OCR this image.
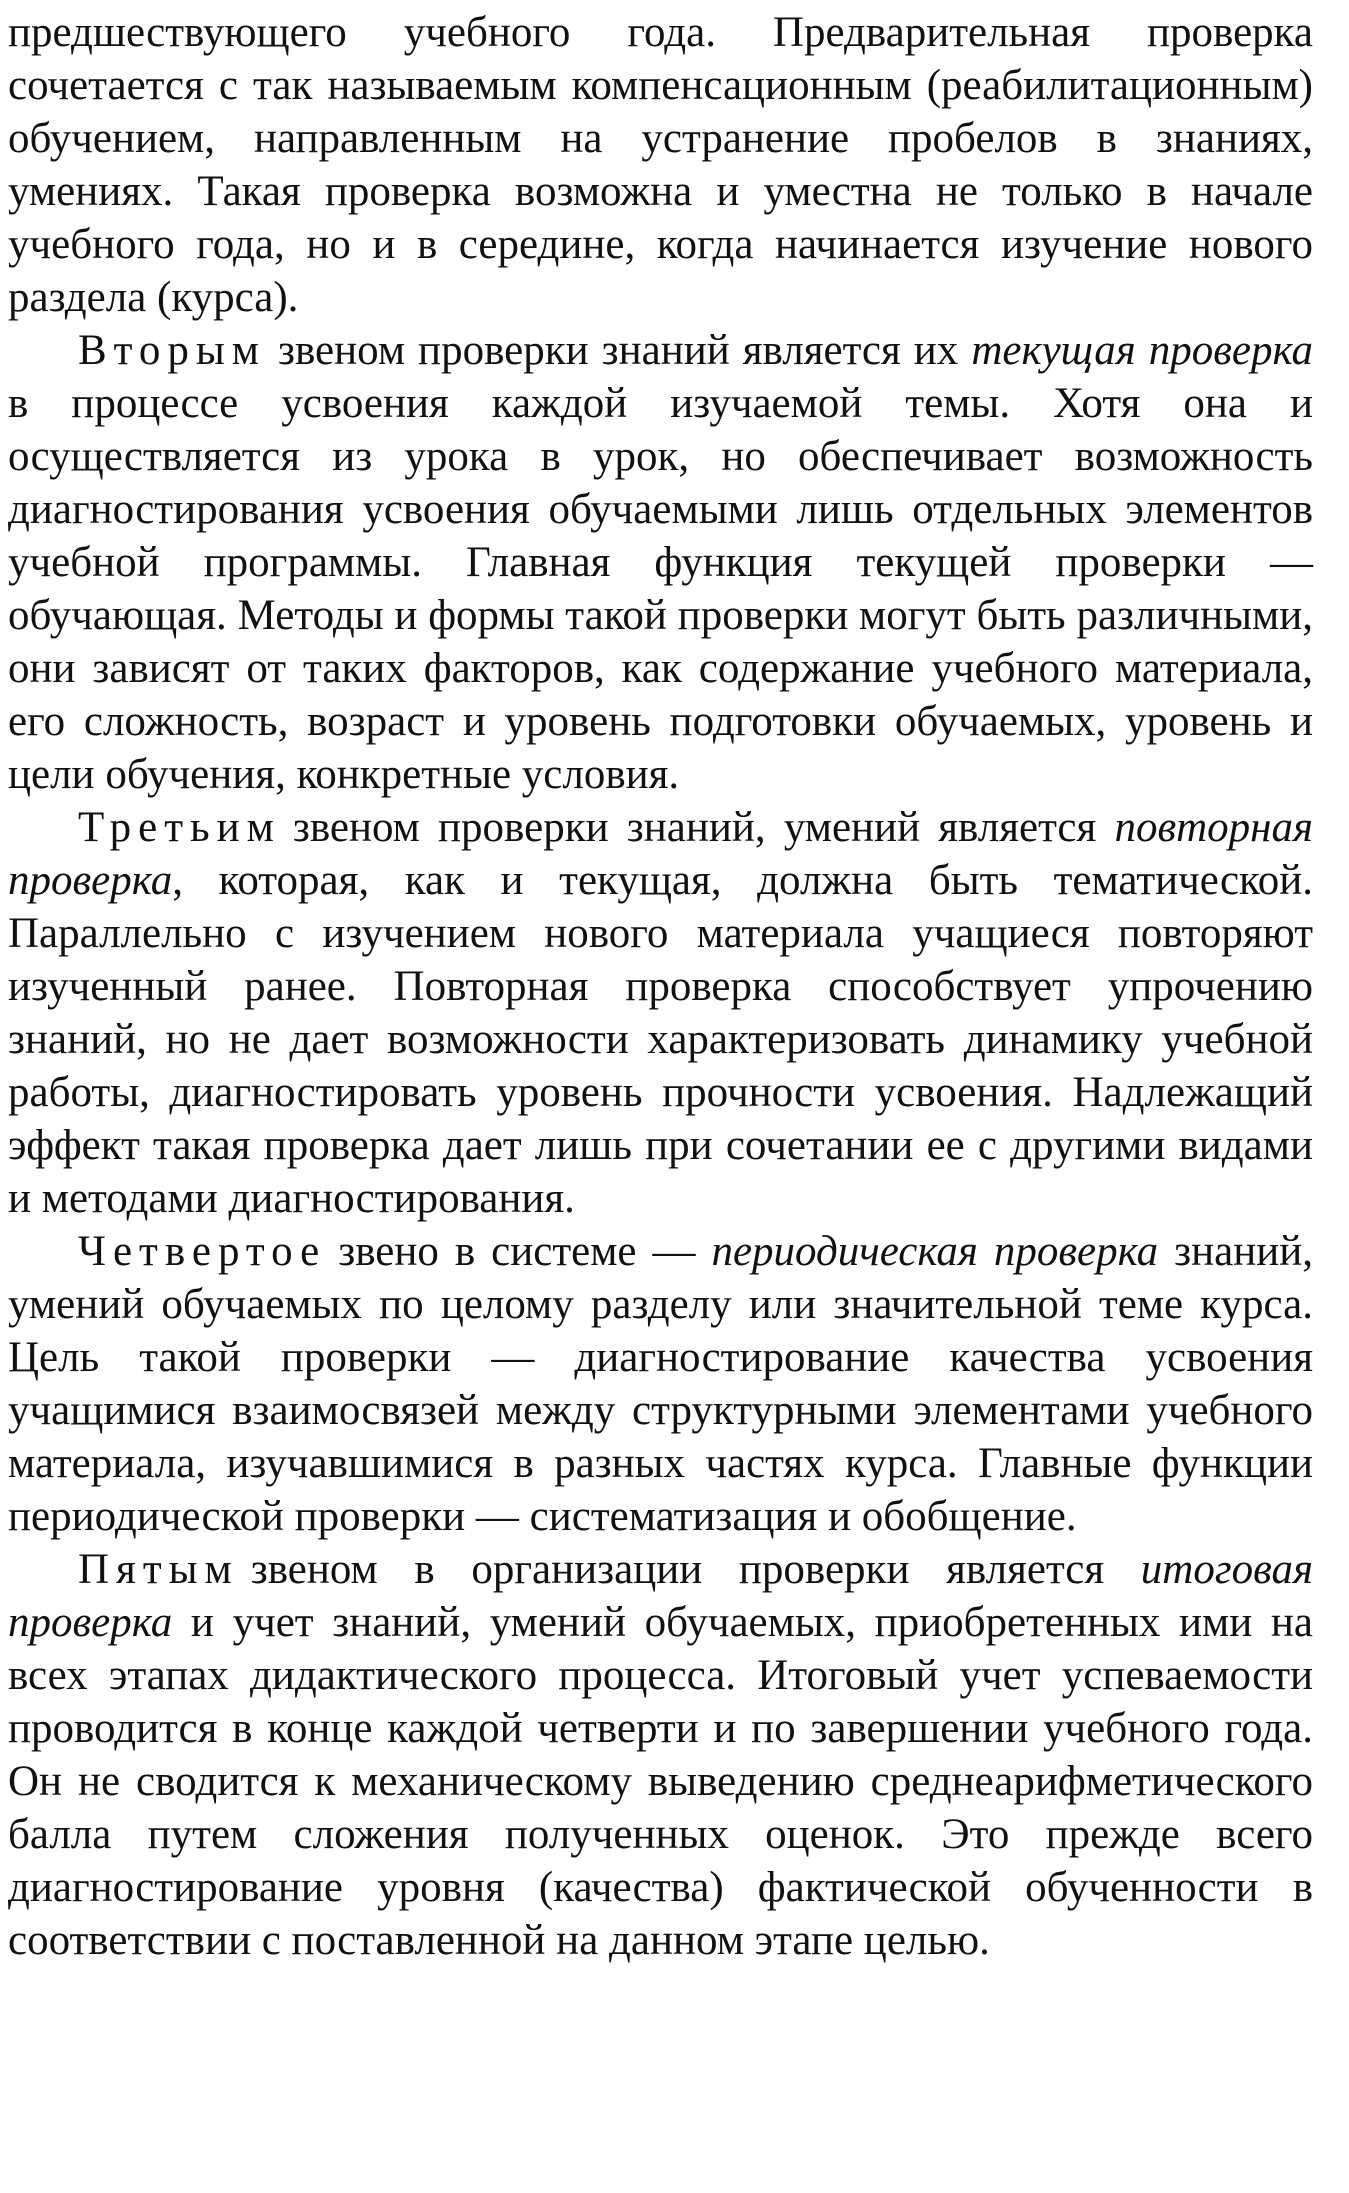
предшествующего учебного года. Предварительная проверка сочетается с так называемым компенсационным (реабилитационным) обучением, направленным на устранение пробелов в знаниях, умениях. Такая проверка возможна и уместна не только в начале учебного года, но и в середине, когда начинается изучение нового раздела (курса).

Вторым звеном проверки знаний является их текущая проверка в процессе усвоения каждой изучаемой темы. Хотя она и осуществляется из урока в урок, но обеспечивает возможность диагностирования усвоения обучаемыми лишь отдельных элементов учебной программы. Главная функция текущей проверки — обучающая. Методы и формы такой проверки могут быть различными, они зависят от таких факторов, как содержание учебного материала, его сложность, возраст и уровень подготовки обучаемых, уровень и цели обучения, конкретные условия.

Третьим звеном проверки знаний, умений является повторная проверка, которая, как и текущая, должна быть тематической. Параллельно с изучением нового материала учащиеся повторяют изученный ранее. Повторная проверка способствует упрочению знаний, но не дает возможности характеризовать динамику учебной работы, диагностировать уровень прочности усвоения. Надлежащий эффект такая проверка дает лишь при сочетании ее с другими видами и методами диагностирования.

Четвертое звено в системе — периодическая проверка знаний, умений обучаемых по целому разделу или значительной теме курса. Цель такой проверки — диагностирование качества усвоения учащимися взаимосвязей между структурными элементами учебного материала, изучавшимися в разных частях курса. Главные функции периодической проверки — систематизация и обобщение.

Пятым звеном в организации проверки является итоговая проверка и учет знаний, умений обучаемых, приобретенных ими на всех этапах дидактического процесса. Итоговый учет успеваемости проводится в конце каждой четверти и по завершении учебного года. Он не сводится к механическому выведению среднеарифметического балла путем сложения полученных оценок. Это прежде всего диагностирование уровня (качества) фактической обученности в соответствии с поставленной на данном этапе целью.
